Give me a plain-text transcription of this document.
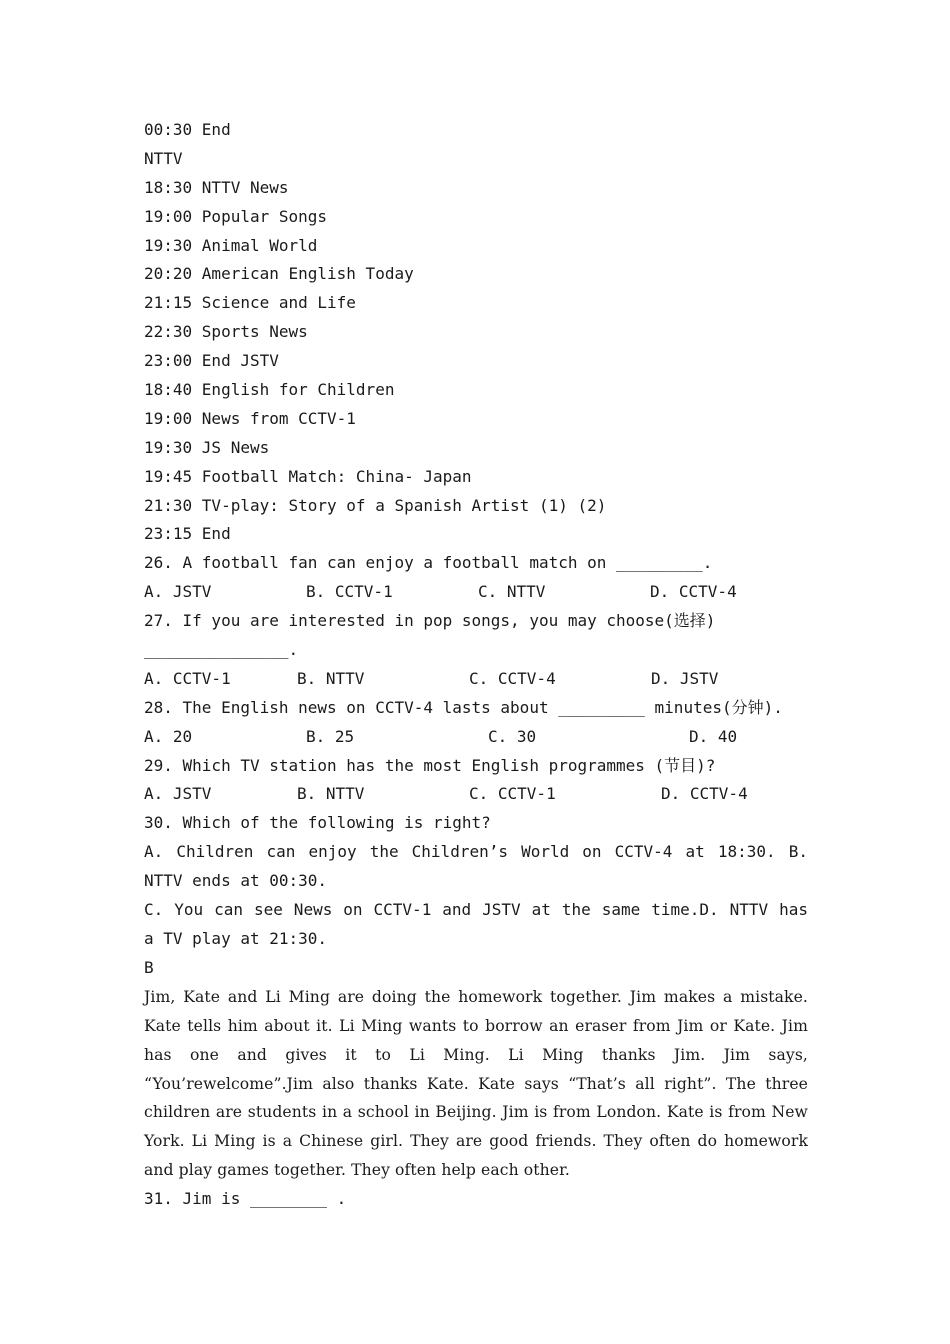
00:30 End
NTTV
18:30 NTTV News
19:00 Popular Songs
19:30 Animal World
20:20 American English Today
21:15 Science and Life
22:30 Sports News
23:00 End JSTV
18:40 English for Children
19:00 News from CCTV-1
19:30 JS News
19:45 Football Match: China- Japan
21:30 TV-play: Story of a Spanish Artist (1) (2)
23:15 End
26. A football fan can enjoy a football match on _________.
A. JSTV	B. CCTV-1	C. NTTV	D. CCTV-4
27. If you are interested in pop songs, you may choose(选择)
_______________.
A. CCTV-1	B. NTTV	C. CCTV-4	D. JSTV
28. The English news on CCTV-4 lasts about _________ minutes(分钟).
A. 20	B. 25	C. 30	D. 40
29. Which TV station has the most English programmes (节目)?
A. JSTV	B. NTTV	C. CCTV-1	D. CCTV-4
30. Which of the following is right?
A. Children can enjoy the Children’s World on CCTV-4 at 18:30. B. NTTV ends at 00:30.
C. You can see News on CCTV-1 and JSTV at the same time.D. NTTV has a TV play at 21:30.
B
Jim, Kate and Li Ming are doing the homework together. Jim makes a mistake. Kate tells him about it. Li Ming wants to borrow an eraser from Jim or Kate. Jim has one and gives it to Li Ming. Li Ming thanks Jim. Jim says, “You’rewelcome”.Jim also thanks Kate. Kate says “That’s all right”. The three children are students in a school in Beijing. Jim is from London. Kate is from New York. Li Ming is a Chinese girl. They are good friends. They often do homework and play games together. They often help each other.
31. Jim is ________ .
